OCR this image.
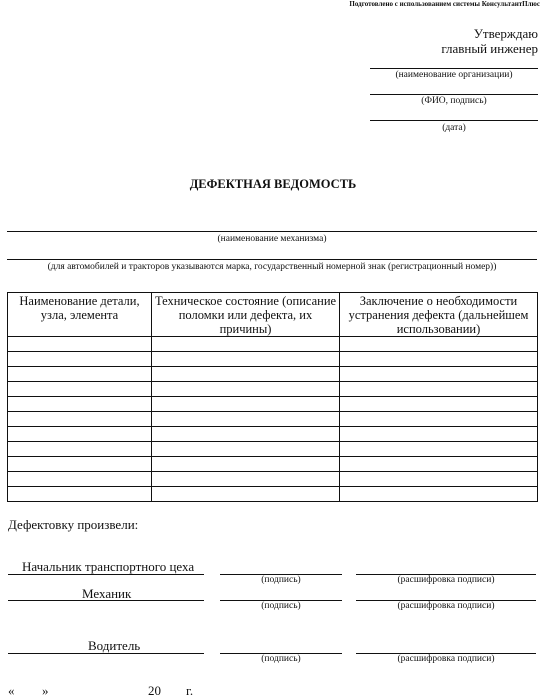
Подготовлено с использованием системы КонсультантПлюс
Утверждаю
главный инженер
(наименование организации)
(ФИО, подпись)
(дата)
ДЕФЕКТНАЯ ВЕДОМОСТЬ
(наименование механизма)
(для автомобилей и тракторов указываются марка, государственный номерной знак (регистрационный номер))
Наименование детали, узла, элемента	Техническое состояние (описание поломки или дефекта, их причины)	Заключение о необходимости устранения дефекта (дальнейшем использовании)

Дефектовку произвели:
Начальник транспортного цеха
(подпись)	(расшифровка подписи)
Механик
(подпись)	(расшифровка подписи)
Водитель
(подпись)	(расшифровка подписи)
« »	20 г.
